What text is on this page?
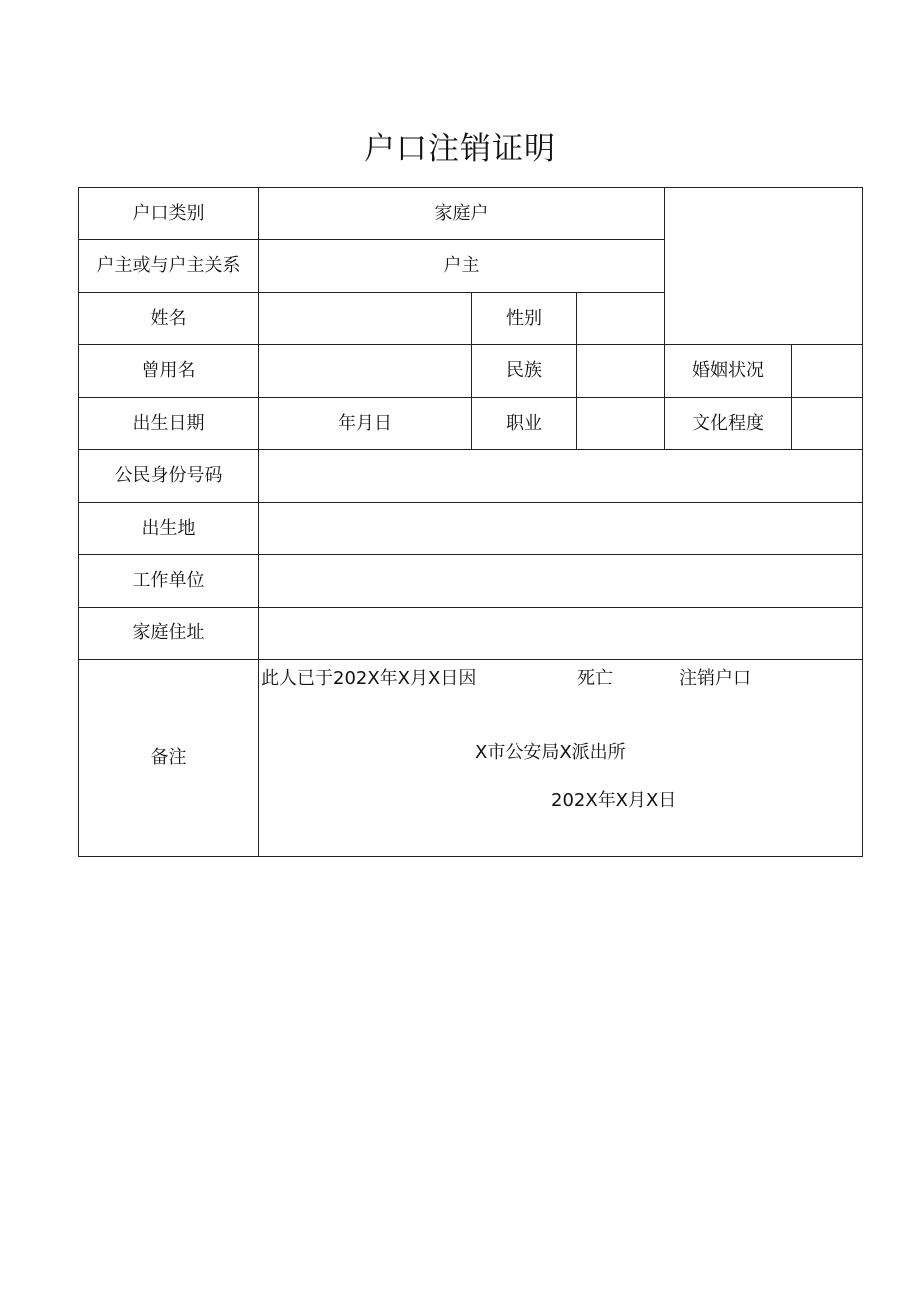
户口注销证明
户口类别	家庭户				
户主或与户主关系	户主				
姓名		性别			
曾用名		民族		婚姻状况	
出生日期	年月日	职业		文化程度	
公民身份号码					
出生地					
工作单位					
家庭住址					
备注	此人已于202X年X月X日因 死亡 注销户口
X市公安局X派出所
202X年X月X日				
